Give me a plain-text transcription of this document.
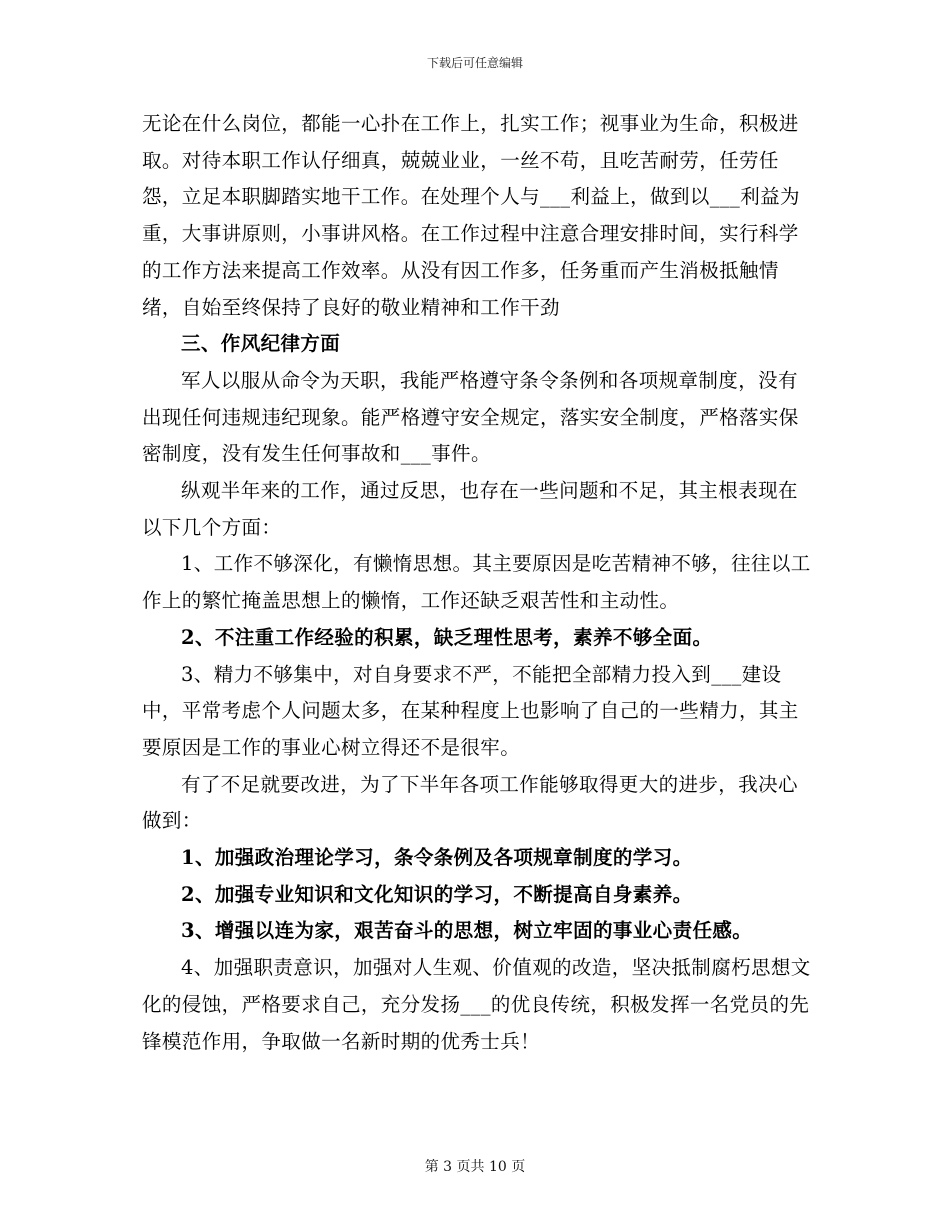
下载后可任意编辑

无论在什么岗位，都能一心扑在工作上，扎实工作；视事业为生命，积极进取。对待本职工作认仔细真，兢兢业业，一丝不苟，且吃苦耐劳，任劳任怨，立足本职脚踏实地干工作。在处理个人与___利益上，做到以___利益为重，大事讲原则，小事讲风格。在工作过程中注意合理安排时间，实行科学的工作方法来提高工作效率。从没有因工作多，任务重而产生消极抵触情绪，自始至终保持了良好的敬业精神和工作干劲

三、作风纪律方面

军人以服从命令为天职，我能严格遵守条令条例和各项规章制度，没有出现任何违规违纪现象。能严格遵守安全规定，落实安全制度，严格落实保密制度，没有发生任何事故和___事件。

纵观半年来的工作，通过反思，也存在一些问题和不足，其主根表现在以下几个方面：

1、工作不够深化，有懒惰思想。其主要原因是吃苦精神不够，往往以工作上的繁忙掩盖思想上的懒惰，工作还缺乏艰苦性和主动性。

2、不注重工作经验的积累，缺乏理性思考，素养不够全面。

3、精力不够集中，对自身要求不严，不能把全部精力投入到___建设中，平常考虑个人问题太多，在某种程度上也影响了自己的一些精力，其主要原因是工作的事业心树立得还不是很牢。

有了不足就要改进，为了下半年各项工作能够取得更大的进步，我决心做到：

1、加强政治理论学习，条令条例及各项规章制度的学习。

2、加强专业知识和文化知识的学习，不断提高自身素养。

3、增强以连为家，艰苦奋斗的思想，树立牢固的事业心责任感。

4、加强职责意识，加强对人生观、价值观的改造，坚决抵制腐朽思想文化的侵蚀，严格要求自己，充分发扬___的优良传统，积极发挥一名党员的先锋模范作用，争取做一名新时期的优秀士兵！

第 3 页共 10 页
